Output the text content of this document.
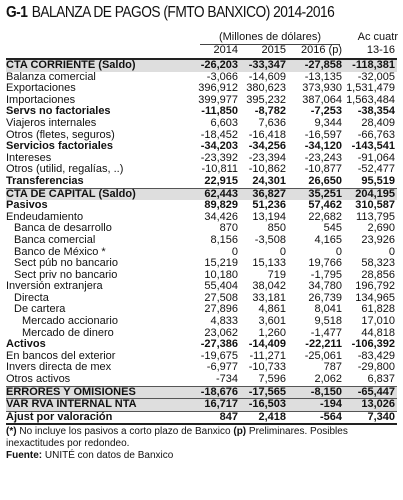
G-1 BALANZA DE PAGOS (FMTO BANXICO) 2014-2016
(Millones de dólares)	Ac cuatr
2014	2015	2016 (p)	13-16
CTA CORRIENTE (Saldo)	-26,203	-33,347	-27,858	-118,381
Balanza comercial	-3,066	-14,609	-13,135	-32,005
Exportaciones	396,912	380,623	373,930	1,531,479
Importaciones	399,977	395,232	387,064	1,563,484
Servs no factoriales	-11,850	-8,782	-7,253	-38,354
Viajeros internales	6,603	7,636	9,344	28,409
Otros (fletes, seguros)	-18,452	-16,418	-16,597	-66,763
Servicios factoriales	-34,203	-34,256	-34,120	-143,541
Intereses	-23,392	-23,394	-23,243	-91,064
Otros (utilid, regalías, ..)	-10,811	-10,862	-10,877	-52,477
Transferencias	22,915	24,301	26,650	95,519
CTA DE CAPITAL (Saldo)	62,443	36,827	35,251	204,195
Pasivos	89,829	51,236	57,462	310,587
Endeudamiento	34,426	13,194	22,682	113,795
Banca de desarrollo	870	850	545	2,690
Banca comercial	8,156	-3,508	4,165	23,926
Banco de México *	0	0	0	0
Sect púb no bancario	15,219	15,133	19,766	58,323
Sect priv no bancario	10,180	719	-1,795	28,856
Inversión extranjera	55,404	38,042	34,780	196,792
Directa	27,508	33,181	26,739	134,965
De cartera	27,896	4,861	8,041	61,828
Mercado accionario	4,833	3,601	9,518	17,010
Mercado de dinero	23,062	1,260	-1,477	44,818
Activos	-27,386	-14,409	-22,211	-106,392
En bancos del exterior	-19,675	-11,271	-25,061	-83,429
Invers directa de mex	-6,977	-10,733	787	-29,800
Otros activos	-734	7,596	2,062	6,837
ERRORES Y OMISIONES	-18,676	-17,565	-8,150	-65,447
VAR RVA INTERNAL NTA	16,717	-16,503	-194	13,026
Ajust por valoración	847	2,418	-564	7,340
(*) No incluye los pasivos a corto plazo de Banxico (p) Preliminares. Posibles inexactitudes por redondeo.
Fuente: UNITÉ con datos de Banxico
